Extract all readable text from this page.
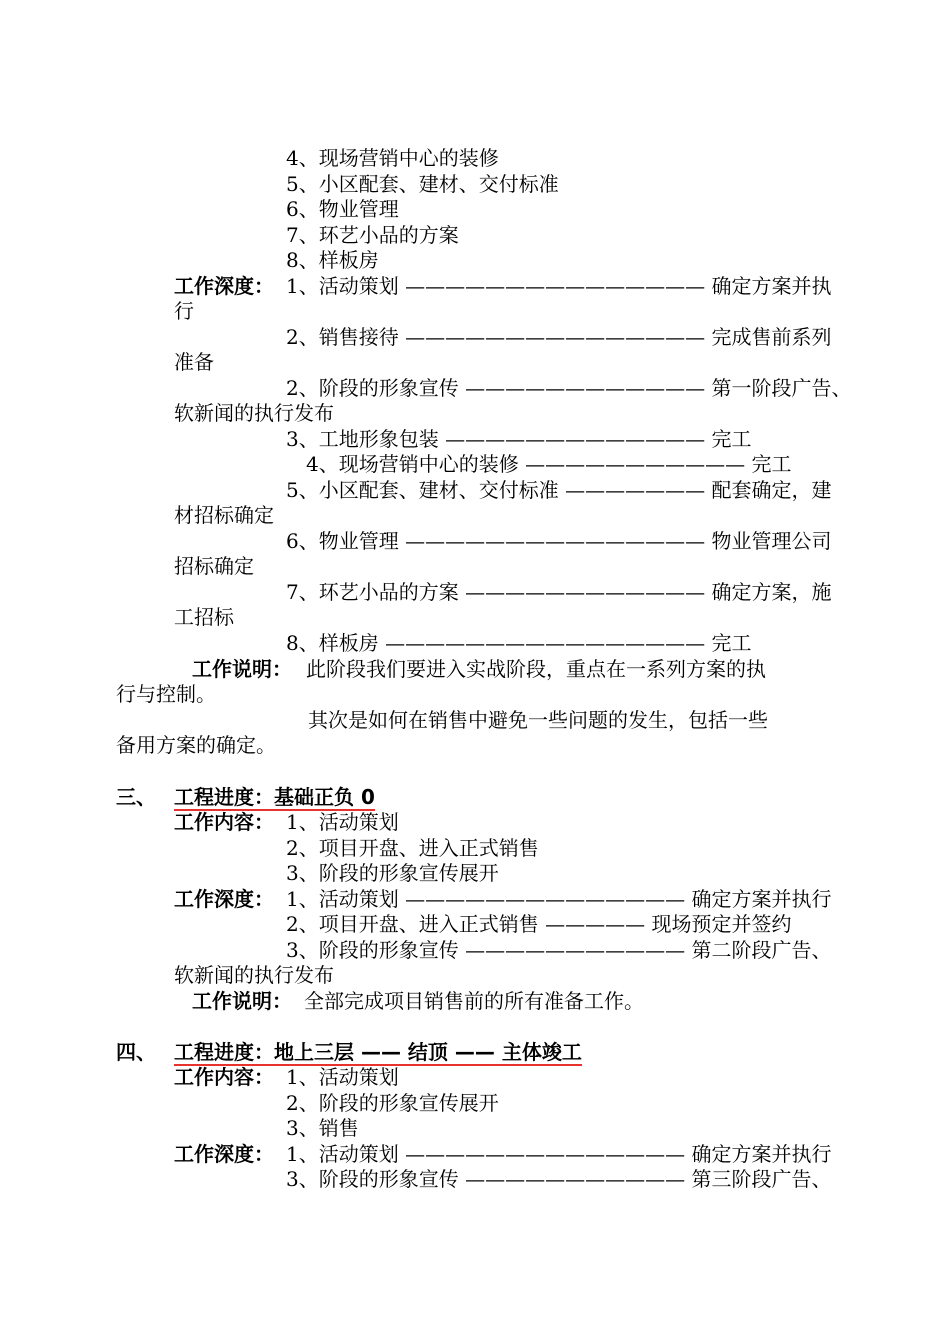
4、现场营销中心的装修
5、小区配套、建材、交付标准
6、物业管理
7、环艺小品的方案
8、样板房
工作深度： 1、活动策划 ——————————————— 确定方案并执
行
2、销售接待 ——————————————— 完成售前系列
准备
2、阶段的形象宣传 ———————————— 第一阶段广告、
软新闻的执行发布
3、工地形象包装 ————————————— 完工
4、现场营销中心的装修 ——————————— 完工
5、小区配套、建材、交付标准 ——————— 配套确定，建
材招标确定
6、物业管理 ——————————————— 物业管理公司
招标确定
7、环艺小品的方案 ———————————— 确定方案，施
工招标
8、样板房 ———————————————— 完工
工作说明： 此阶段我们要进入实战阶段，重点在一系列方案的执
行与控制。
其次是如何在销售中避免一些问题的发生，包括一些
备用方案的确定。
三、 工程进度：基础正负 0
工作内容： 1、活动策划
2、项目开盘、进入正式销售
3、阶段的形象宣传展开
工作深度： 1、活动策划 —————————————— 确定方案并执行
2、项目开盘、进入正式销售 ————— 现场预定并签约
3、阶段的形象宣传 ——————————— 第二阶段广告、
软新闻的执行发布
工作说明： 全部完成项目销售前的所有准备工作。
四、 工程进度：地上三层 —— 结顶 —— 主体竣工
工作内容： 1、活动策划
2、阶段的形象宣传展开
3、销售
工作深度： 1、活动策划 —————————————— 确定方案并执行
3、阶段的形象宣传 ——————————— 第三阶段广告、
